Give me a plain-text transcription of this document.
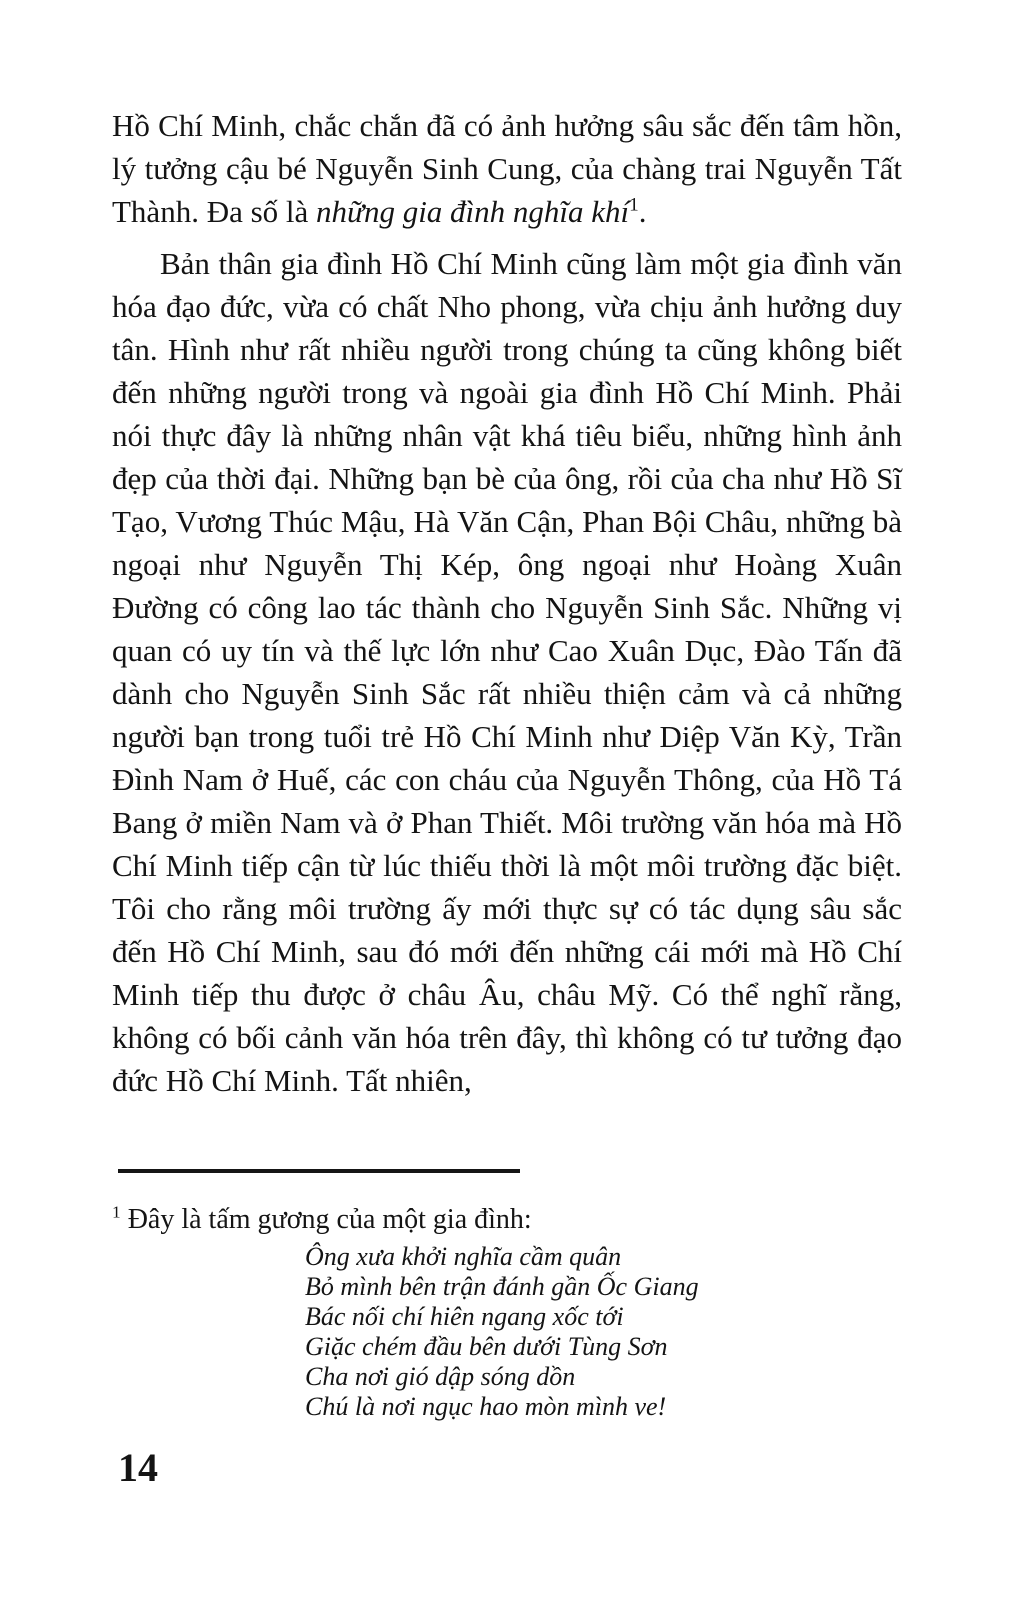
Hồ Chí Minh, chắc chắn đã có ảnh hưởng sâu sắc đến tâm hồn, lý tưởng cậu bé Nguyễn Sinh Cung, của chàng trai Nguyễn Tất Thành. Đa số là những gia đình nghĩa khí$^1$.

Bản thân gia đình Hồ Chí Minh cũng làm một gia đình văn hóa đạo đức, vừa có chất Nho phong, vừa chịu ảnh hưởng duy tân. Hình như rất nhiều người trong chúng ta cũng không biết đến những người trong và ngoài gia đình Hồ Chí Minh. Phải nói thực đây là những nhân vật khá tiêu biểu, những hình ảnh đẹp của thời đại. Những bạn bè của ông, rồi của cha như Hồ Sĩ Tạo, Vương Thúc Mậu, Hà Văn Cận, Phan Bội Châu, những bà ngoại như Nguyễn Thị Kép, ông ngoại như Hoàng Xuân Đường có công lao tác thành cho Nguyễn Sinh Sắc. Những vị quan có uy tín và thế lực lớn như Cao Xuân Dục, Đào Tấn đã dành cho Nguyễn Sinh Sắc rất nhiều thiện cảm và cả những người bạn trong tuổi trẻ Hồ Chí Minh như Diệp Văn Kỳ, Trần Đình Nam ở Huế, các con cháu của Nguyễn Thông, của Hồ Tá Bang ở miền Nam và ở Phan Thiết. Môi trường văn hóa mà Hồ Chí Minh tiếp cận từ lúc thiếu thời là một môi trường đặc biệt. Tôi cho rằng môi trường ấy mới thực sự có tác dụng sâu sắc đến Hồ Chí Minh, sau đó mới đến những cái mới mà Hồ Chí Minh tiếp thu được ở châu Âu, châu Mỹ. Có thể nghĩ rằng, không có bối cảnh văn hóa trên đây, thì không có tư tưởng đạo đức Hồ Chí Minh. Tất nhiên,

$^1$ Đây là tấm gương của một gia đình:

Ông xưa khởi nghĩa cầm quân

Bỏ mình bên trận đánh gần Ốc Giang

Bác nối chí hiên ngang xốc tới

Giặc chém đầu bên dưới Tùng Sơn

Cha nơi gió dập sóng dồn

Chú là nơi ngục hao mòn mình ve!

14
